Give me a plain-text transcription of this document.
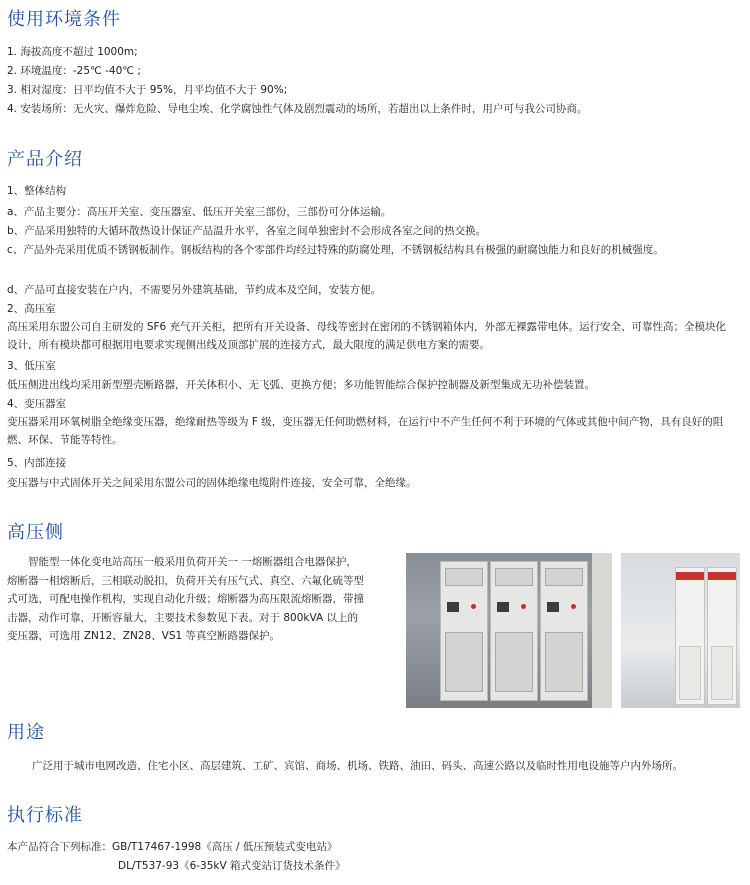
使用环境条件
1. 海拔高度不超过 1000m;
2. 环境温度：-25℃ -40℃ ;
3. 相对湿度：日平均值不大于 95%，月平均值不大于 90%;
4. 安装场所：无火灾、爆炸危险、导电尘埃、化学腐蚀性气体及剧烈震动的场所，若超出以上条件时，用户可与我公司协商。
产品介绍
1、整体结构
a、产品主要分：高压开关室、变压器室、低压开关室三部份，三部份可分体运输。
b、产品采用独特的大循环散热设计保证产品温升水平，各室之间单独密封不会形成各室之间的热交换。
c、产品外壳采用优质不锈钢板制作。钢板结构的各个零部件均经过特殊的防腐处理，不锈钢板结构具有极强的耐腐蚀能力和良好的机械强度。
d、产品可直接安装在户内，不需要另外建筑基础，节约成本及空间，安装方便。
2、高压室
高压采用东盟公司自主研发的 SF6 充气开关柜，把所有开关设备、母线等密封在密闭的不锈钢箱体内，外部无裸露带电体。运行安全、可靠性高；全模块化设计，所有模块都可根据用电要求实现侧出线及顶部扩展的连接方式，最大限度的满足供电方案的需要。
3、低压室
低压侧进出线均采用新型塑壳断路器，开关体积小、无飞弧、更换方便；多功能智能综合保护控制器及新型集成无功补偿装置。
4、变压器室
变压器采用环氧树脂全绝缘变压器，绝缘耐热等级为 F 级，变压器无任何助燃材料，在运行中不产生任何不利于环境的气体或其他中间产物，具有良好的阻燃、环保、节能等特性。
5、内部连接
变压器与中式固体开关之间采用东盟公司的固体绝缘电缆附件连接，安全可靠，全绝缘。
高压侧
智能型一体化变电站高压一般采用负荷开关一 一熔断器组合电器保护，熔断器一相熔断后，三相联动脱扣，负荷开关有压气式、真空、六氟化硫等型式可选，可配电操作机构，实现自动化升级；熔断器为高压限流熔断器，带撞击器，动作可靠，开断容量大，主要技术参数见下表。对于 800kVA 以上的变压器，可选用 ZN12、ZN28、VS1 等真空断路器保护。
用途
广泛用于城市电网改造、住宅小区、高层建筑、工矿、宾馆、商场、机场、铁路、油田、码头、高速公路以及临时性用电设施等户内外场所。
执行标准
本产品符合下列标准：GB/T17467-1998《高压 / 低压预装式变电站》
DL/T537-93《6-35kV 箱式变站订货技术条件》
